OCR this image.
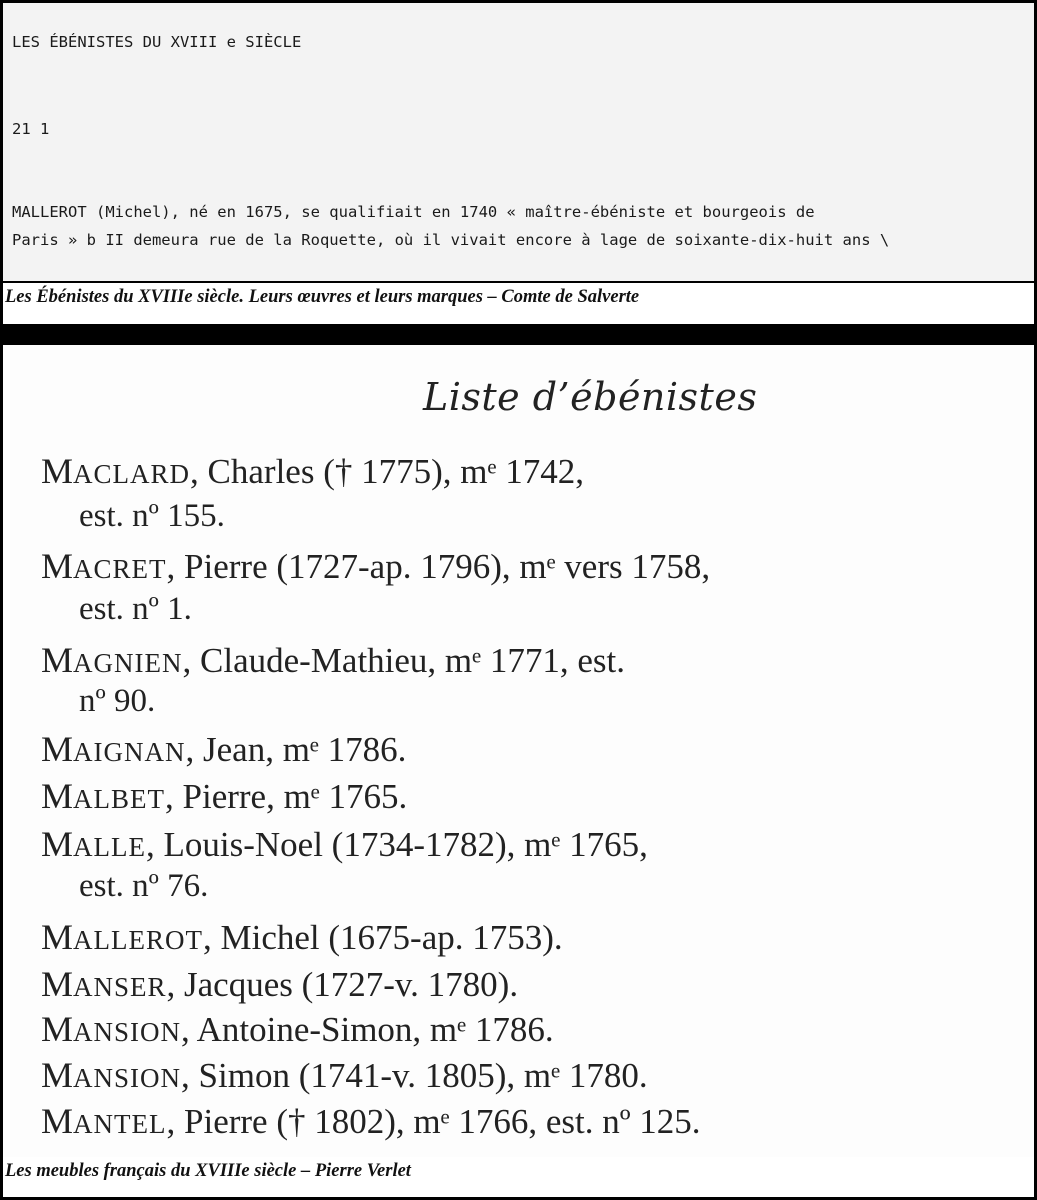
LES ÉBÉNISTES DU XVIII e SIÈCLE
21 1
MALLEROT (Michel), né en 1675, se qualifiait en 1740 « maître-ébéniste et bourgeois de
Paris » b II demeura rue de la Roquette, où il vivait encore à lage de soixante-dix-huit ans \
Les Ébénistes du XVIIIe siècle. Leurs œuvres et leurs marques – Comte de Salverte
Liste d’ébénistes
MACLARD, Charles († 1775), mᵉ 1742,
est. nº 155.
MACRET, Pierre (1727-ap. 1796), mᵉ vers 1758,
est. nº 1.
MAGNIEN, Claude-Mathieu, mᵉ 1771, est.
nº 90.
MAIGNAN, Jean, mᵉ 1786.
MALBET, Pierre, mᵉ 1765.
MALLE, Louis-Noel (1734-1782), mᵉ 1765,
est. nº 76.
MALLEROT, Michel (1675-ap. 1753).
MANSER, Jacques (1727-v. 1780).
MANSION, Antoine-Simon, mᵉ 1786.
MANSION, Simon (1741-v. 1805), mᵉ 1780.
MANTEL, Pierre († 1802), mᵉ 1766, est. nº 125.
Les meubles français du XVIIIe siècle – Pierre Verlet
